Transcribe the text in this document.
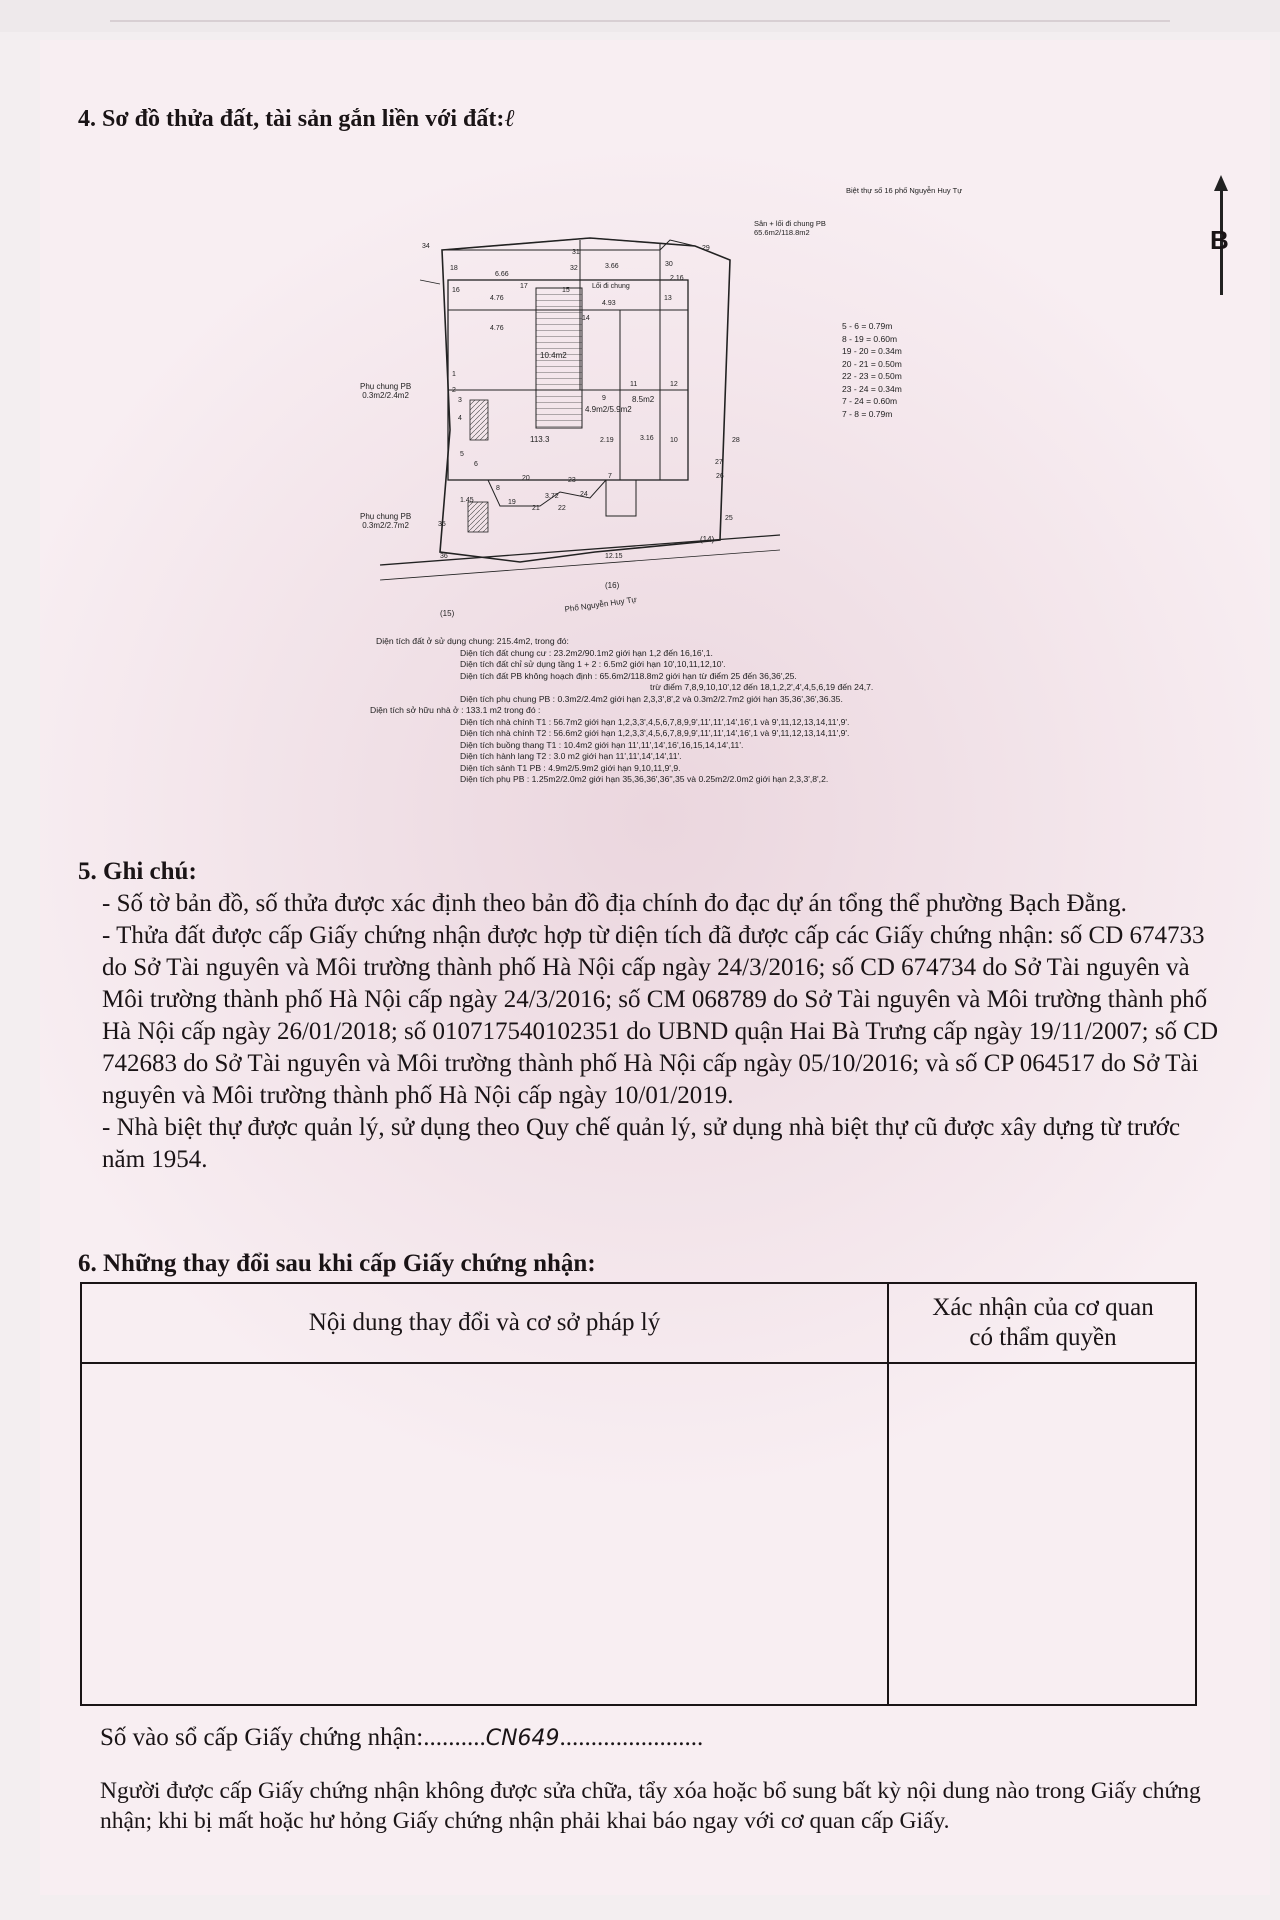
4. Sơ đồ thửa đất, tài sản gắn liền với đất:ℓ
B
6.66
3.66
4.76
4.93
4.76
2.16
12.15
1.45
3.72
3.16
2.19
10.4m2
4.9m2/5.9m2
8.5m2
113.3
Lối đi chung
(14)
(16)
(15)	Phố Nguyễn Huy Tự
31
32
30
29
34
17
16	15
14
13
12
11
10
9
8
7
6
5
4
3
2
1
19
20
21	22
23
24
25
26
27
28
35
36
18
Biệt thự số 16 phố Nguyễn Huy Tự
Sân + lối đi chung PB
65.6m2/118.8m2
5 - 6 = 0.79m
8 - 19 = 0.60m
19 - 20 = 0.34m
20 - 21 = 0.50m
22 - 23 = 0.50m
23 - 24 = 0.34m
7 - 24 = 0.60m
7 - 8 = 0.79m
Phụ chung PB
0.3m2/2.4m2
Phụ chung PB
0.3m2/2.7m2
Diện tích đất ở sử dụng chung: 215.4m2, trong đó:
Diện tích đất chung cư : 23.2m2/90.1m2 giới hạn 1,2 đến 16,16',1.
Diện tích đất chỉ sử dụng tầng 1 + 2 : 6.5m2 giới hạn 10',10,11,12,10'.
Diện tích đất PB không hoạch định : 65.6m2/118.8m2 giới hạn từ điểm 25 đến 36,36',25.
trừ điểm 7,8,9,10,10',12 đến 18,1,2,2',4',4,5,6,19 đến 24,7.
Diện tích phụ chung PB : 0.3m2/2.4m2 giới hạn 2,3,3',8',2 và 0.3m2/2.7m2 giới hạn 35,36',36',36.35.
Diện tích sở hữu nhà ở : 133.1 m2 trong đó :
Diện tích nhà chính T1 : 56.7m2 giới hạn 1,2,3,3',4,5,6,7,8,9,9',11',11',14',16',1 và 9',11,12,13,14,11',9'.
Diện tích nhà chính T2 : 56.6m2 giới hạn 1,2,3,3',4,5,6,7,8,9,9',11',11',14',16',1 và 9',11,12,13,14,11',9'.
Diện tích buồng thang T1 : 10.4m2 giới hạn 11',11',14',16',16,15,14,14',11'.
Diện tích hành lang T2 : 3.0 m2 giới hạn 11',11',14',14',11'.
Diện tích sảnh T1 PB : 4.9m2/5.9m2 giới hạn 9,10,11,9',9.
Diện tích phụ PB : 1.25m2/2.0m2 giới hạn 35,36,36',36'',35 và 0.25m2/2.0m2 giới hạn 2,3,3',8',2.
5. Ghi chú:

- Số tờ bản đồ, số thửa được xác định theo bản đồ địa chính đo đạc dự án tổng thể phường Bạch Đằng.

- Thửa đất được cấp Giấy chứng nhận được hợp từ diện tích đã được cấp các Giấy chứng nhận: số CD 674733 do Sở Tài nguyên và Môi trường thành phố Hà Nội cấp ngày 24/3/2016; số CD 674734 do Sở Tài nguyên và Môi trường thành phố Hà Nội cấp ngày 24/3/2016; số CM 068789 do Sở Tài nguyên và Môi trường thành phố Hà Nội cấp ngày 26/01/2018; số 010717540102351 do UBND quận Hai Bà Trưng cấp ngày 19/11/2007; số CD 742683 do Sở Tài nguyên và Môi trường thành phố Hà Nội cấp ngày 05/10/2016; và số CP 064517 do Sở Tài nguyên và Môi trường thành phố Hà Nội cấp ngày 10/01/2019.

- Nhà biệt thự được quản lý, sử dụng theo Quy chế quản lý, sử dụng nhà biệt thự cũ được xây dựng từ trước năm 1954.

6. Những thay đổi sau khi cấp Giấy chứng nhận:
Nội dung thay đổi và cơ sở pháp lý
Xác nhận của cơ quan
có thẩm quyền
Số vào sổ cấp Giấy chứng nhận:..........CN649.......................
Người được cấp Giấy chứng nhận không được sửa chữa, tẩy xóa hoặc bổ sung bất kỳ nội dung nào trong Giấy chứng nhận; khi bị mất hoặc hư hỏng Giấy chứng nhận phải khai báo ngay với cơ quan cấp Giấy.
